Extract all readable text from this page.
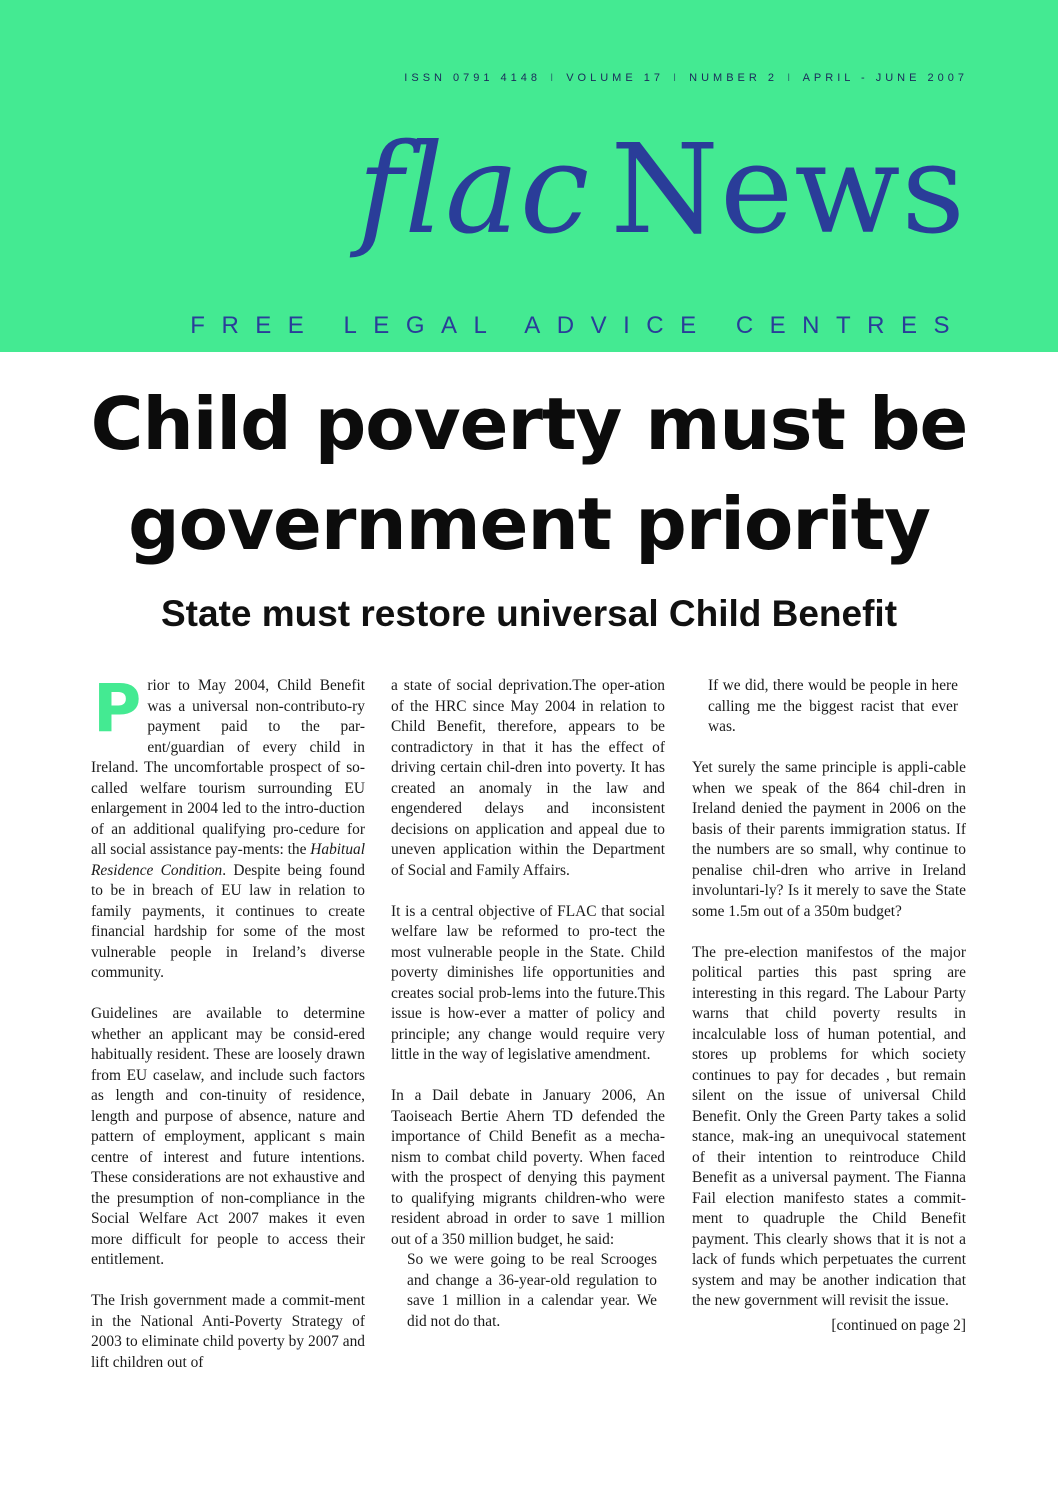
ISSN 0791 4148 I VOLUME 17 I NUMBER 2 I APRIL - JUNE 2007
flac News
FREE LEGAL ADVICE CENTRES
Child poverty must be
government priority
State must restore universal Child Benefit

Prior to May 2004, Child Benefit was a universal non-contributo-ry payment paid to the par-ent/guardian of every child in Ireland. The uncomfortable prospect of so-called welfare tourism surrounding EU enlargement in 2004 led to the intro-duction of an additional qualifying pro-cedure for all social assistance pay-ments: the Habitual Residence Condition. Despite being found to be in breach of EU law in relation to family payments, it continues to create financial hardship for some of the most vulnerable people in Ireland’s diverse community.

Guidelines are available to determine whether an applicant may be consid-ered habitually resident. These are loosely drawn from EU caselaw, and include such factors as length and con-tinuity of residence, length and purpose of absence, nature and pattern of employment, applicant s main centre of interest and future intentions. These considerations are not exhaustive and the presumption of non-compliance in the Social Welfare Act 2007 makes it even more difficult for people to access their entitlement.

The Irish government made a commit-ment in the National Anti-Poverty Strategy of 2003 to eliminate child poverty by 2007 and lift children out of

a state of social deprivation.The oper-ation of the HRC since May 2004 in relation to Child Benefit, therefore, appears to be contradictory in that it has the effect of driving certain chil-dren into poverty. It has created an anomaly in the law and engendered delays and inconsistent decisions on application and appeal due to uneven application within the Department of Social and Family Affairs.

It is a central objective of FLAC that social welfare law be reformed to pro-tect the most vulnerable people in the State. Child poverty diminishes life opportunities and creates social prob-lems into the future.This issue is how-ever a matter of policy and principle; any change would require very little in the way of legislative amendment.

In a Dail debate in January 2006, An Taoiseach Bertie Ahern TD defended the importance of Child Benefit as a mecha-nism to combat child poverty. When faced with the prospect of denying this payment to qualifying migrants children-who were resident abroad in order to save 1 million out of a 350 million budget, he said:

So we were going to be real Scrooges and change a 36-year-old regulation to save 1 million in a calendar year. We did not do that.
If we did, there would be people in here calling me the biggest racist that ever was.

Yet surely the same principle is appli-cable when we speak of the 864 chil-dren in Ireland denied the payment in 2006 on the basis of their parents immigration status. If the numbers are so small, why continue to penalise chil-dren who arrive in Ireland involuntari-ly? Is it merely to save the State some 1.5m out of a 350m budget?

The pre-election manifestos of the major political parties this past spring are interesting in this regard. The Labour Party warns that child poverty results in incalculable loss of human potential, and stores up problems for which society continues to pay for decades , but remain silent on the issue of universal Child Benefit. Only the Green Party takes a solid stance, mak-ing an unequivocal statement of their intention to reintroduce Child Benefit as a universal payment. The Fianna Fail election manifesto states a commit-ment to quadruple the Child Benefit payment. This clearly shows that it is not a lack of funds which perpetuates the current system and may be another indication that the new government will revisit the issue.

[continued on page 2]
